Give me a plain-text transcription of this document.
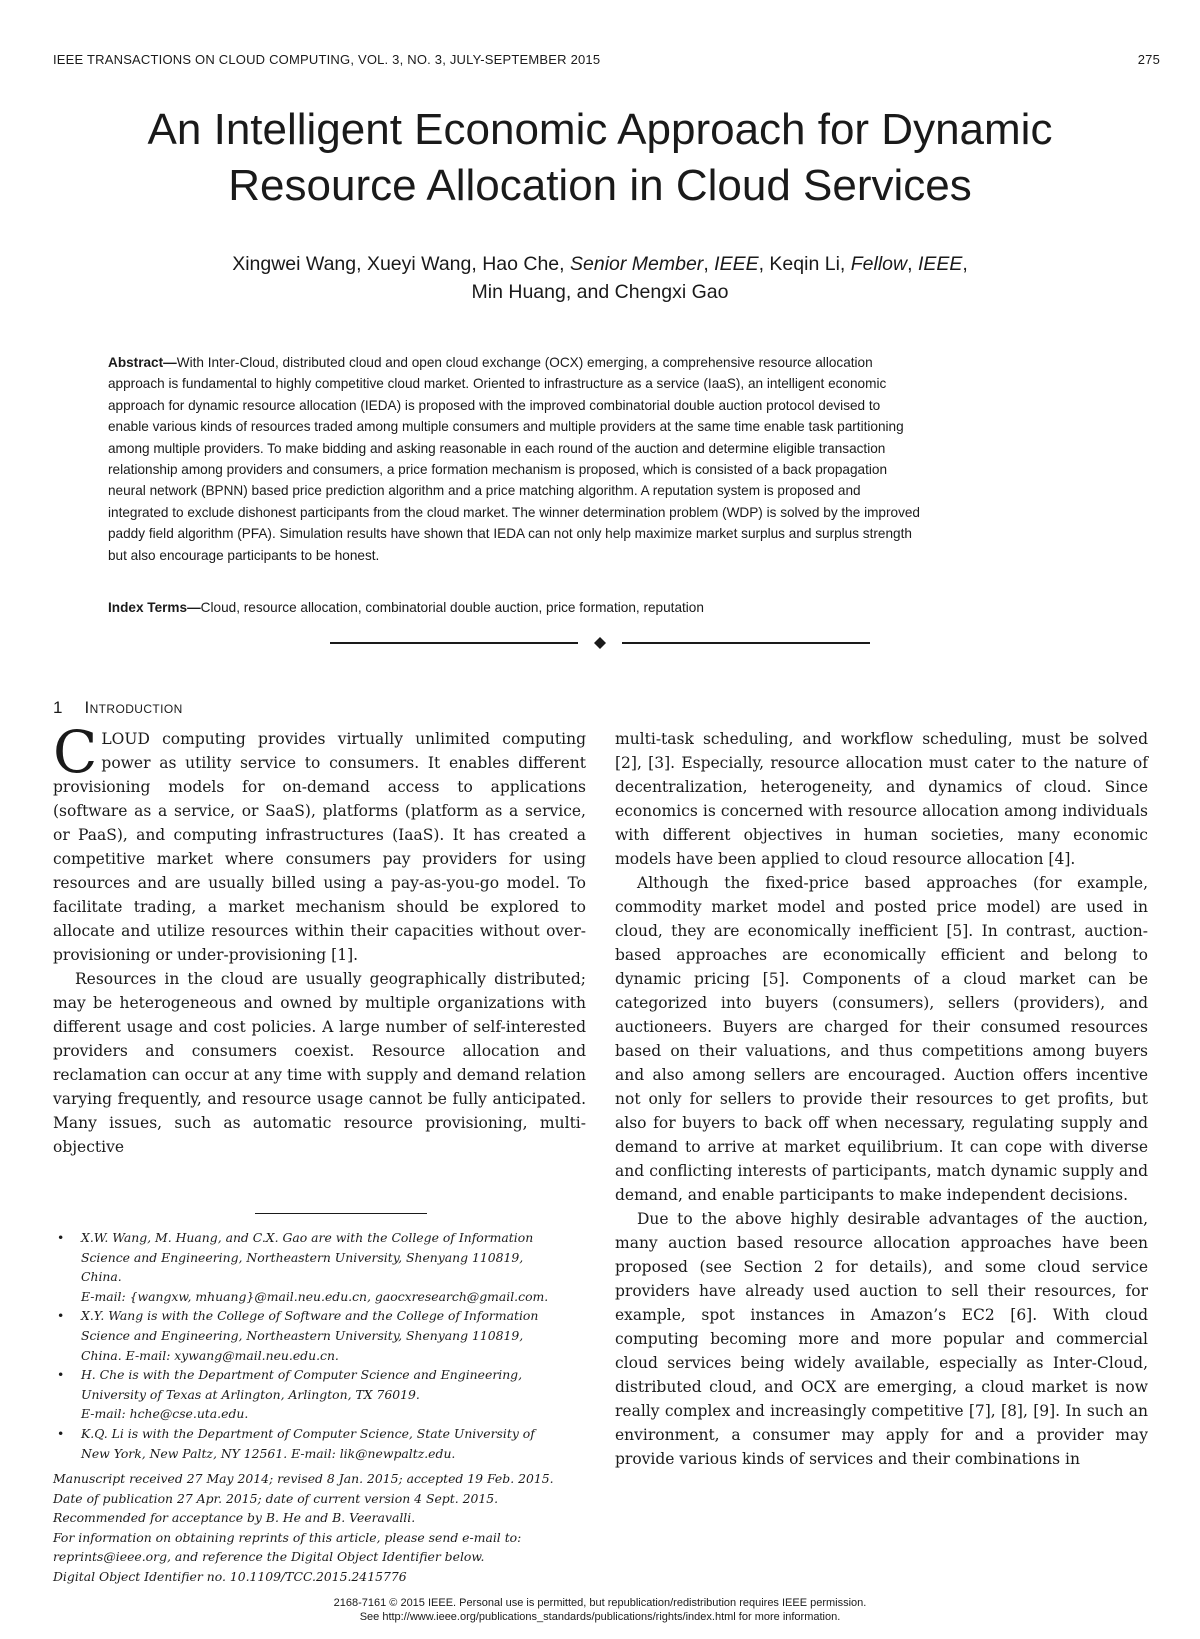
IEEE TRANSACTIONS ON CLOUD COMPUTING, VOL. 3, NO. 3, JULY-SEPTEMBER 2015	275
An Intelligent Economic Approach for Dynamic
Resource Allocation in Cloud Services
Xingwei Wang, Xueyi Wang, Hao Che, Senior Member, IEEE, Keqin Li, Fellow, IEEE,
Min Huang, and Chengxi Gao

Abstract—With Inter-Cloud, distributed cloud and open cloud exchange (OCX) emerging, a comprehensive resource allocation
approach is fundamental to highly competitive cloud market. Oriented to infrastructure as a service (IaaS), an intelligent economic
approach for dynamic resource allocation (IEDA) is proposed with the improved combinatorial double auction protocol devised to
enable various kinds of resources traded among multiple consumers and multiple providers at the same time enable task partitioning
among multiple providers. To make bidding and asking reasonable in each round of the auction and determine eligible transaction
relationship among providers and consumers, a price formation mechanism is proposed, which is consisted of a back propagation
neural network (BPNN) based price prediction algorithm and a price matching algorithm. A reputation system is proposed and
integrated to exclude dishonest participants from the cloud market. The winner determination problem (WDP) is solved by the improved
paddy field algorithm (PFA). Simulation results have shown that IEDA can not only help maximize market surplus and surplus strength
but also encourage participants to be honest.

Index Terms—Cloud, resource allocation, combinatorial double auction, price formation, reputation
1 Introduction

CLOUD computing provides virtually unlimited computing power as utility service to consumers. It enables different provisioning models for on-demand access to applications (software as a service, or SaaS), platforms (platform as a service, or PaaS), and computing infrastructures (IaaS). It has created a competitive market where consumers pay providers for using resources and are usually billed using a pay-as-you-go model. To facilitate trading, a market mechanism should be explored to allocate and utilize resources within their capacities without over-provisioning or under-provisioning [1].

Resources in the cloud are usually geographically distributed; may be heterogeneous and owned by multiple organizations with different usage and cost policies. A large number of self-interested providers and consumers coexist. Resource allocation and reclamation can occur at any time with supply and demand relation varying frequently, and resource usage cannot be fully anticipated. Many issues, such as automatic resource provisioning, multi-objective

multi-task scheduling, and workflow scheduling, must be solved [2], [3]. Especially, resource allocation must cater to the nature of decentralization, heterogeneity, and dynamics of cloud. Since economics is concerned with resource allocation among individuals with different objectives in human societies, many economic models have been applied to cloud resource allocation [4].

Although the fixed-price based approaches (for example, commodity market model and posted price model) are used in cloud, they are economically inefficient [5]. In contrast, auction-based approaches are economically efficient and belong to dynamic pricing [5]. Components of a cloud market can be categorized into buyers (consumers), sellers (providers), and auctioneers. Buyers are charged for their consumed resources based on their valuations, and thus competitions among buyers and also among sellers are encouraged. Auction offers incentive not only for sellers to provide their resources to get profits, but also for buyers to back off when necessary, regulating supply and demand to arrive at market equilibrium. It can cope with diverse and conflicting interests of participants, match dynamic supply and demand, and enable participants to make independent decisions.

Due to the above highly desirable advantages of the auction, many auction based resource allocation approaches have been proposed (see Section 2 for details), and some cloud service providers have already used auction to sell their resources, for example, spot instances in Amazon’s EC2 [6]. With cloud computing becoming more and more popular and commercial cloud services being widely available, especially as Inter-Cloud, distributed cloud, and OCX are emerging, a cloud market is now really complex and increasingly competitive [7], [8], [9]. In such an environment, a consumer may apply for and a provider may provide various kinds of services and their combinations in

• X.W. Wang, M. Huang, and C.X. Gao are with the College of Information
Science and Engineering, Northeastern University, Shenyang 110819,
China.
E-mail: {wangxw, mhuang}@mail.neu.edu.cn, gaocxresearch@gmail.com.
• X.Y. Wang is with the College of Software and the College of Information
Science and Engineering, Northeastern University, Shenyang 110819,
China. E-mail: xywang@mail.neu.edu.cn.
• H. Che is with the Department of Computer Science and Engineering,
University of Texas at Arlington, Arlington, TX 76019.
E-mail: hche@cse.uta.edu.
• K.Q. Li is with the Department of Computer Science, State University of
New York, New Paltz, NY 12561. E-mail: lik@newpaltz.edu.
Manuscript received 27 May 2014; revised 8 Jan. 2015; accepted 19 Feb. 2015.
Date of publication 27 Apr. 2015; date of current version 4 Sept. 2015.
Recommended for acceptance by B. He and B. Veeravalli.
For information on obtaining reprints of this article, please send e-mail to:
reprints@ieee.org, and reference the Digital Object Identifier below.
Digital Object Identifier no. 10.1109/TCC.2015.2415776
2168-7161 © 2015 IEEE. Personal use is permitted, but republication/redistribution requires IEEE permission.
See http://www.ieee.org/publications_standards/publications/rights/index.html for more information.
